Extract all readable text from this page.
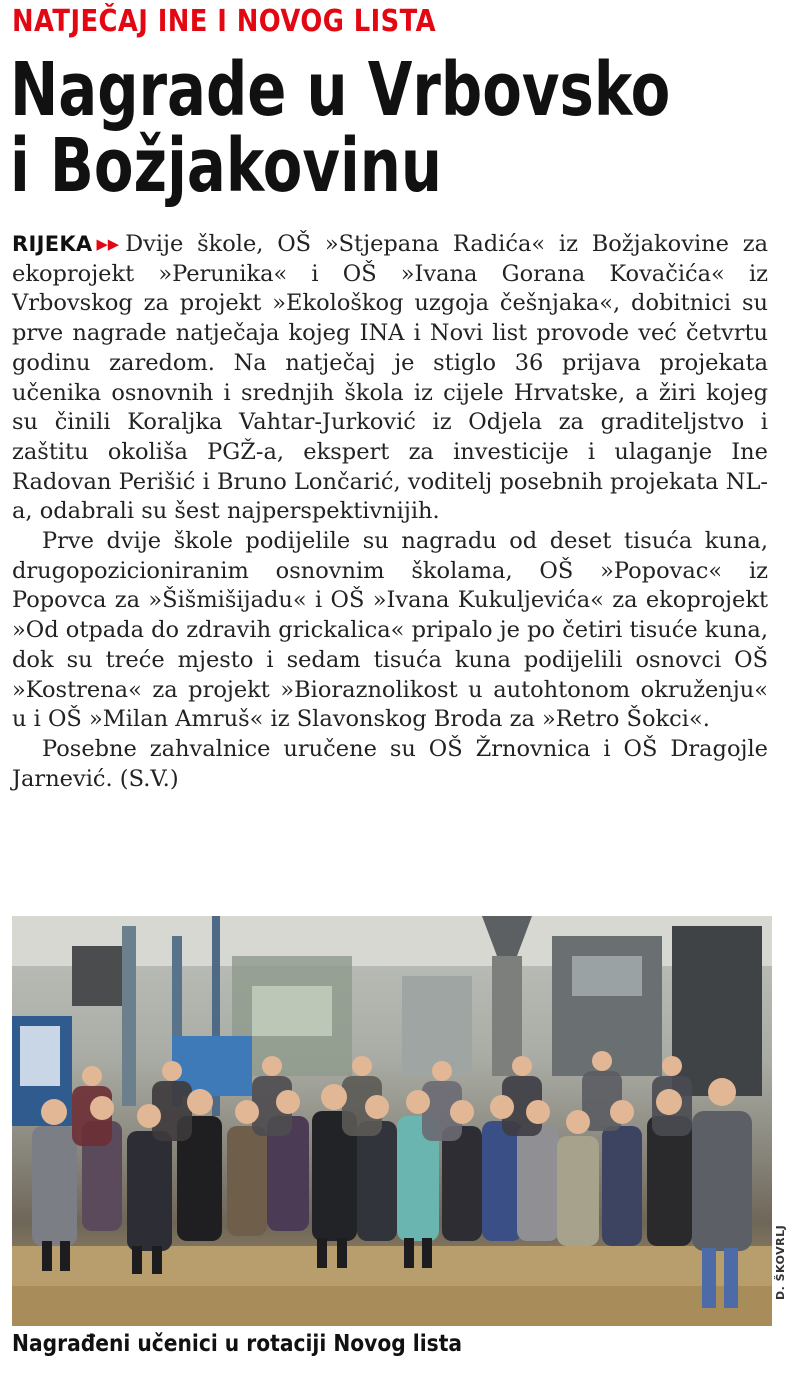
NATJEČAJ INE I NOVOG LISTA
Nagrade u Vrbovsko
i Božjakovinu

RIJEKA ▸▸ Dvije škole, OŠ »Stjepana Radića« iz Božjakovine za ekoprojekt »Perunika« i OŠ »Ivana Gorana Kovačića« iz Vrbovskog za projekt »Ekološkog uzgoja češnjaka«, dobitnici su prve nagrade natječaja kojeg INA i Novi list provode već četvrtu godinu zaredom. Na natječaj je stiglo 36 prijava projekata učenika osnovnih i srednjih škola iz cijele Hrvatske, a žiri kojeg su činili Koraljka Vahtar-Jurković iz Odjela za graditeljstvo i zaštitu okoliša PGŽ-a, ekspert za investicije i ulaganje Ine Radovan Perišić i Bruno Lončarić, voditelj posebnih projekata NL-a, odabrali su šest najperspektivnijih.

Prve dvije škole podijelile su nagradu od deset tisuća kuna, drugopozicioniranim osnovnim školama, OŠ »Popovac« iz Popovca za »Šišmišijadu« i OŠ »Ivana Kukuljevića« za ekoprojekt »Od otpada do zdravih grickalica« pripalo je po četiri tisuće kuna, dok su treće mjesto i sedam tisuća kuna podijelili osnovci OŠ »Kostrena« za projekt »Bioraznolikost u autohtonom okruženju« u i OŠ »Milan Amruš« iz Slavonskog Broda za »Retro Šokci«.

Posebne zahvalnice uručene su OŠ Žrnovnica i OŠ Dragojle Jarnević. (S.V.)

D. ŠKOVRLJ
Nagrađeni učenici u rotaciji Novog lista
